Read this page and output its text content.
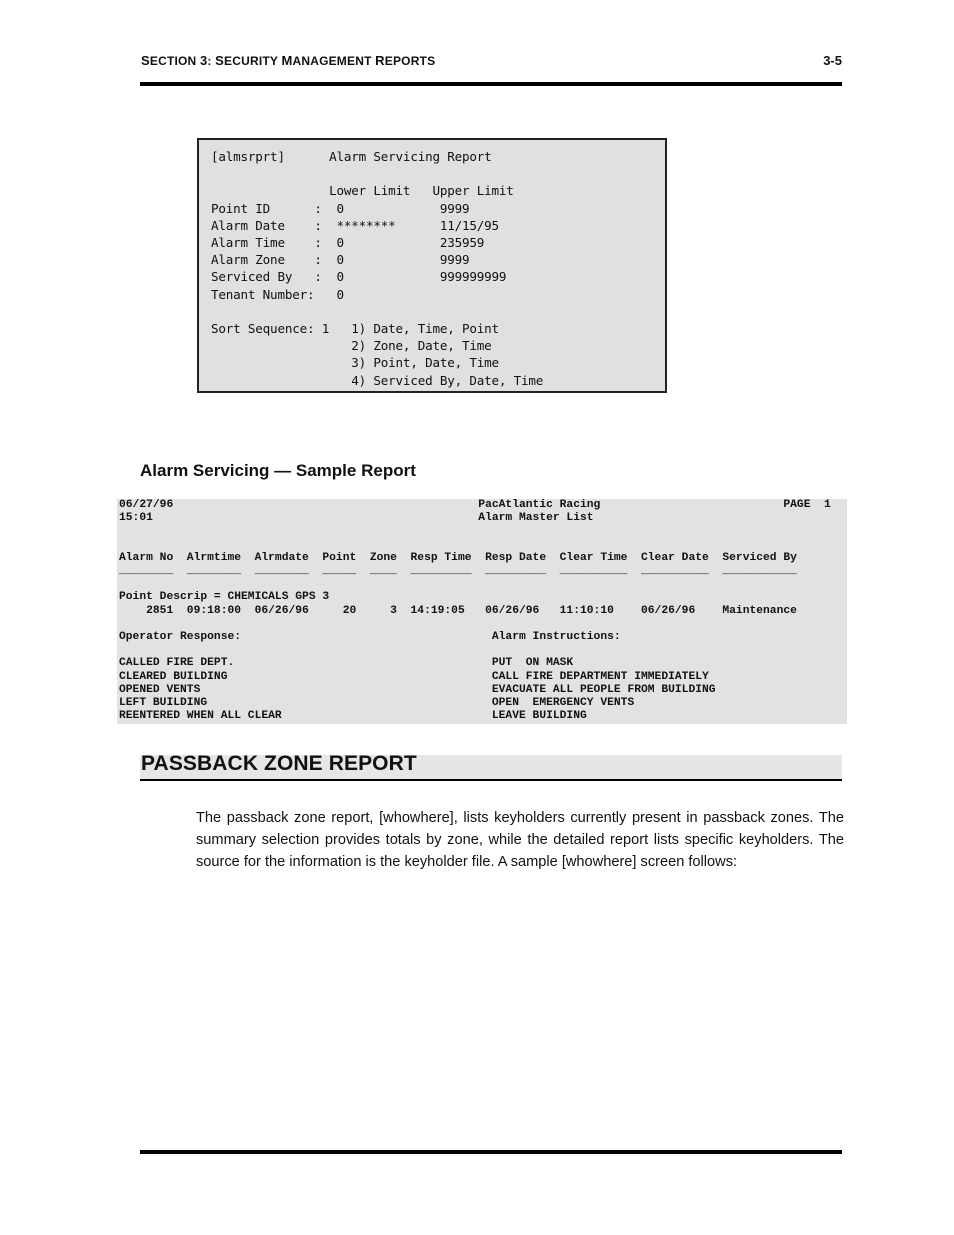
SECTION 3: SECURITY MANAGEMENT REPORTS	3-5
[almsrprt]      Alarm Servicing Report

Lower Limit   Upper Limit
Point ID      :  0             9999
Alarm Date    :  ********      11/15/95
Alarm Time    :  0             235959
Alarm Zone    :  0             9999
Serviced By   :  0             999999999
Tenant Number:   0

Sort Sequence: 1   1) Date, Time, Point
2) Zone, Date, Time
3) Point, Date, Time
4) Serviced By, Date, Time
Alarm Servicing — Sample Report
06/27/96                                             PacAtlantic Racing                           PAGE  1
15:01                                                Alarm Master List

Alarm No  Alrmtime  Alrmdate  Point  Zone  Resp Time  Resp Date  Clear Time  Clear Date  Serviced By
________  ________  ________  _____  ____  _________  _________  __________  __________  ___________

Point Descrip = CHEMICALS GPS 3
2851  09:18:00  06/26/96     20     3  14:19:05   06/26/96   11:10:10    06/26/96    Maintenance

Operator Response:                                     Alarm Instructions:

CALLED FIRE DEPT.                                      PUT  ON MASK
CLEARED BUILDING                                       CALL FIRE DEPARTMENT IMMEDIATELY
OPENED VENTS                                           EVACUATE ALL PEOPLE FROM BUILDING
LEFT BUILDING                                          OPEN  EMERGENCY VENTS
REENTERED WHEN ALL CLEAR                               LEAVE BUILDING
PASSBACK ZONE REPORT
The passback zone report, [whowhere], lists keyholders currently present in passback zones. The summary selection provides totals by zone, while the detailed report lists specific keyholders. The source for the information is the keyholder file. A sample [whowhere] screen follows:
